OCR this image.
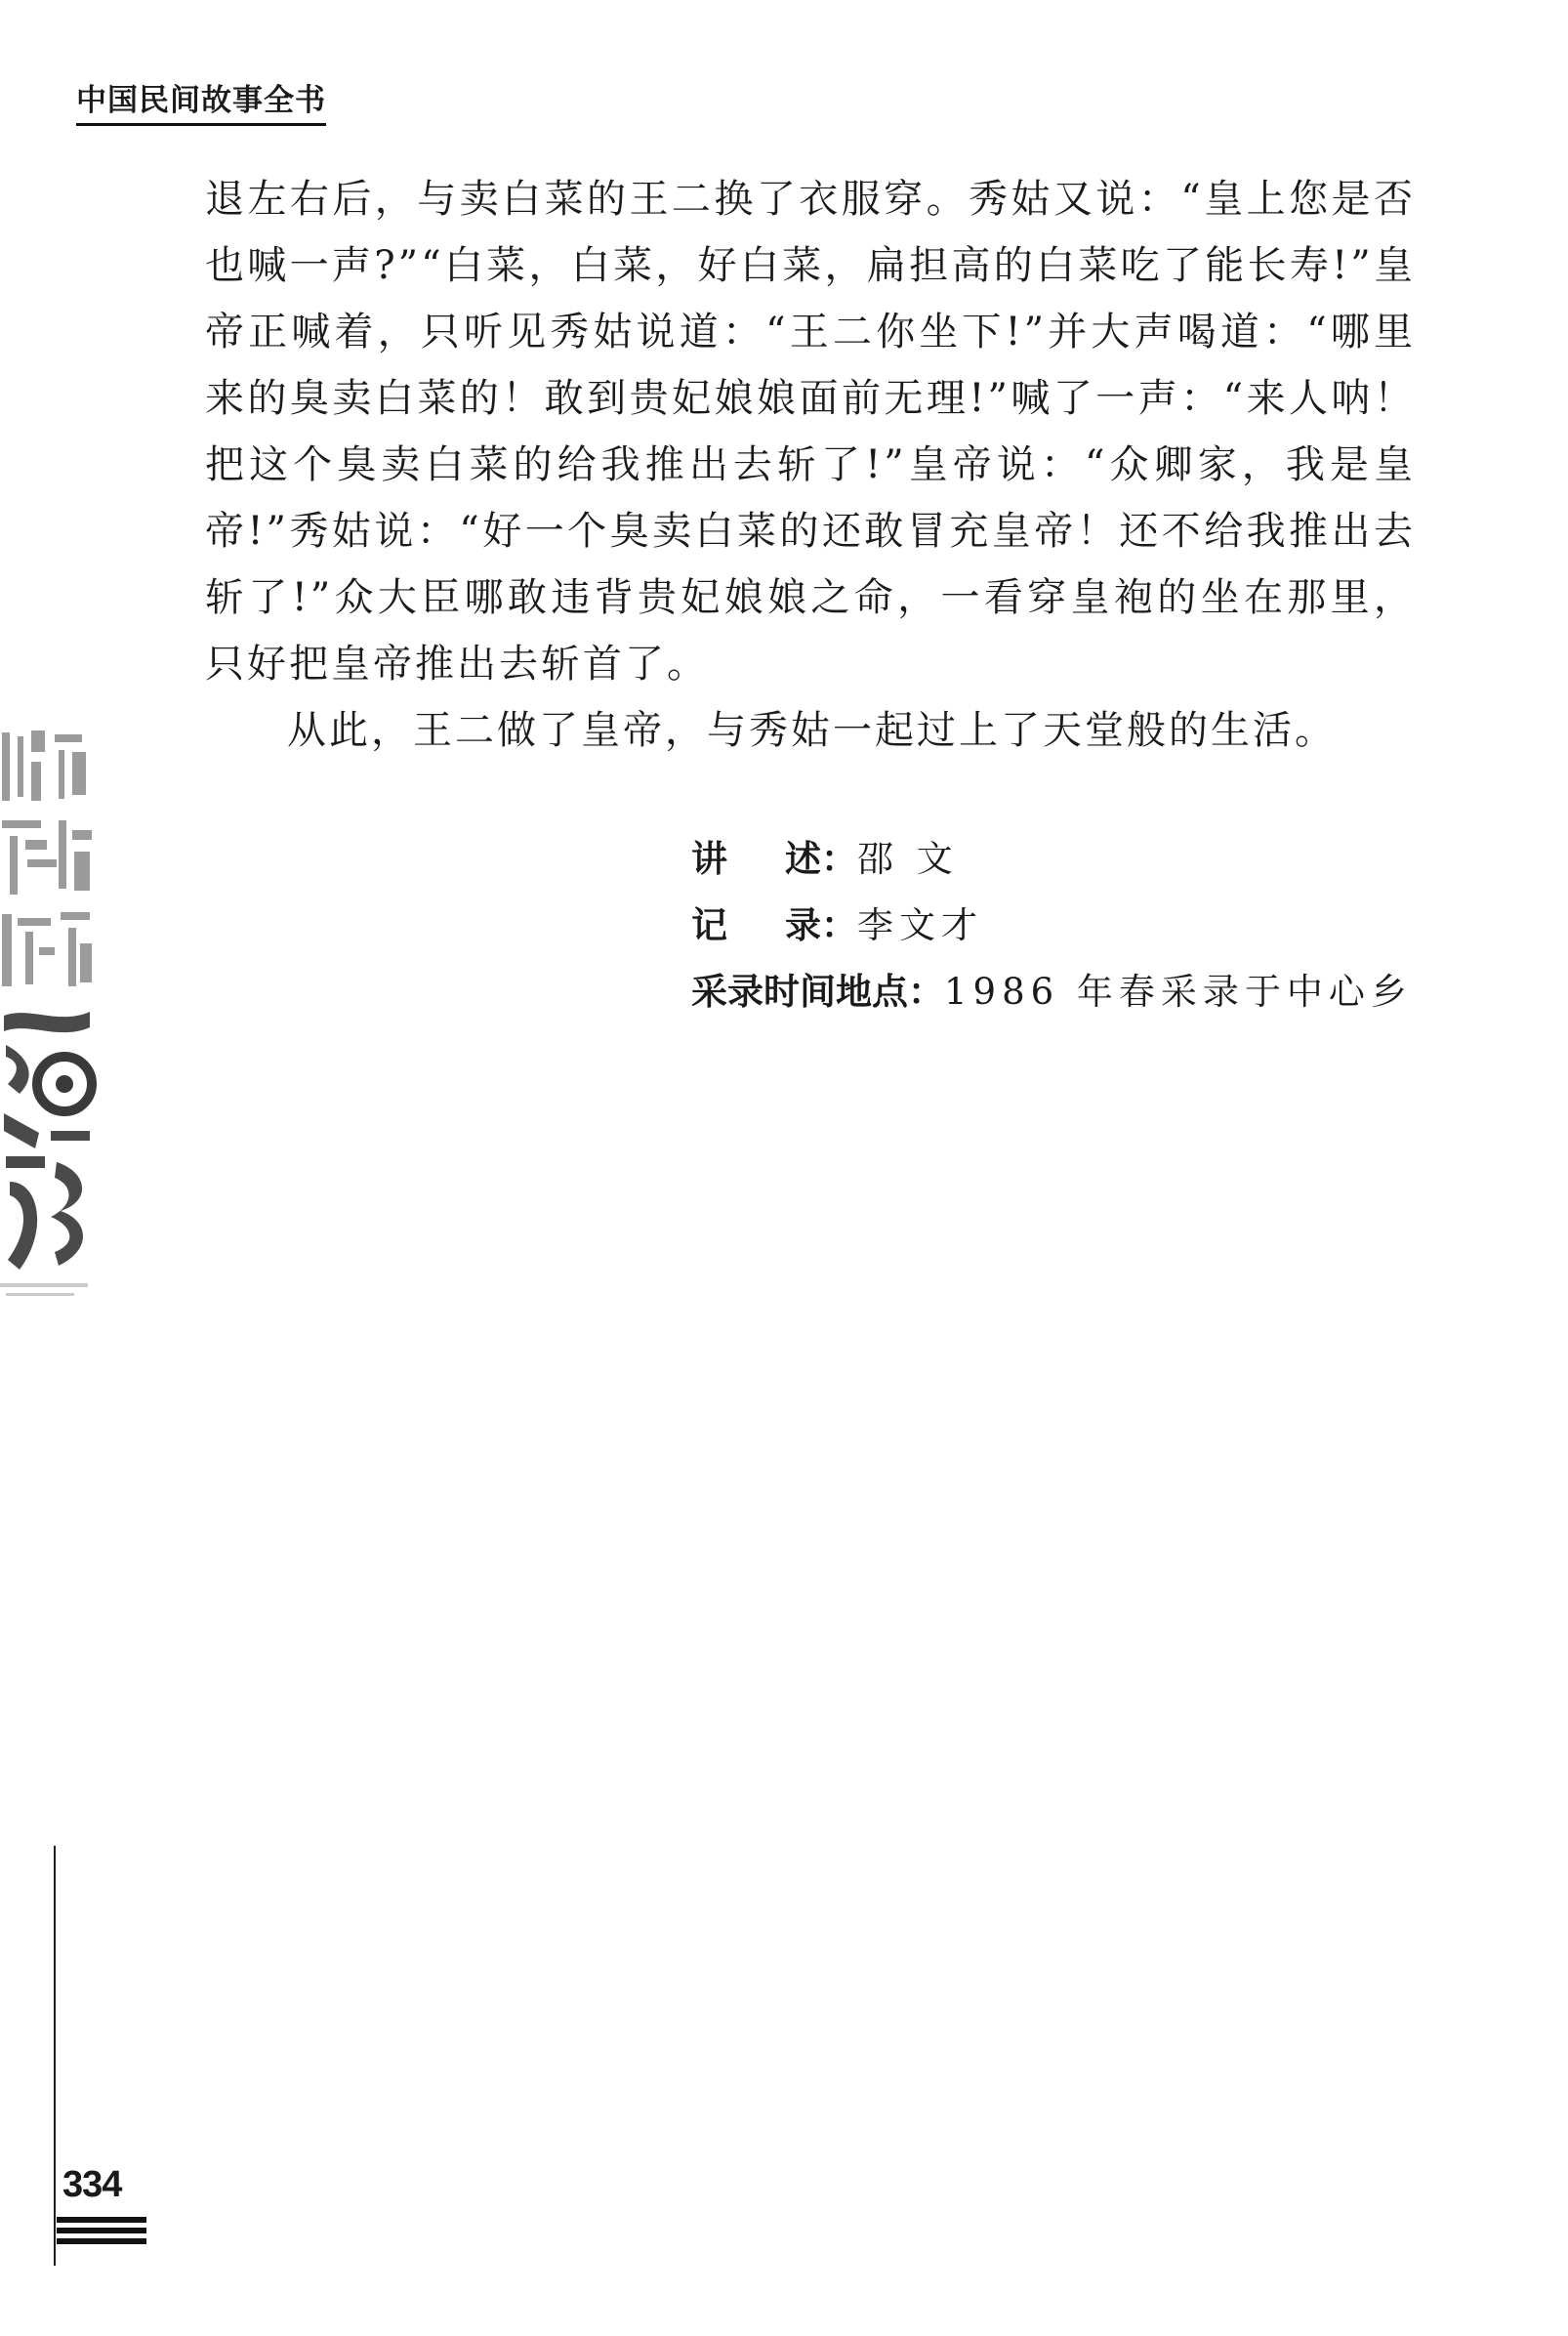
中国民间故事全书

退左右后，与卖白菜的王二换了衣服穿。秀姑又说：“皇上您是否也喊一声?”“白菜，白菜，好白菜，扁担高的白菜吃了能长寿!”皇帝正喊着，只听见秀姑说道：“王二你坐下!”并大声喝道：“哪里来的臭卖白菜的！敢到贵妃娘娘面前无理!”喊了一声：“来人呐！把这个臭卖白菜的给我推出去斩了!”皇帝说：“众卿家，我是皇帝!”秀姑说：“好一个臭卖白菜的还敢冒充皇帝！还不给我推出去斩了!”众大臣哪敢违背贵妃娘娘之命，一看穿皇袍的坐在那里，只好把皇帝推出去斩首了。

从此，王二做了皇帝，与秀姑一起过上了天堂般的生活。

讲 述： 邵 文
记 录： 李文才
采录时间地点： 1986 年春采录于中心乡
334
